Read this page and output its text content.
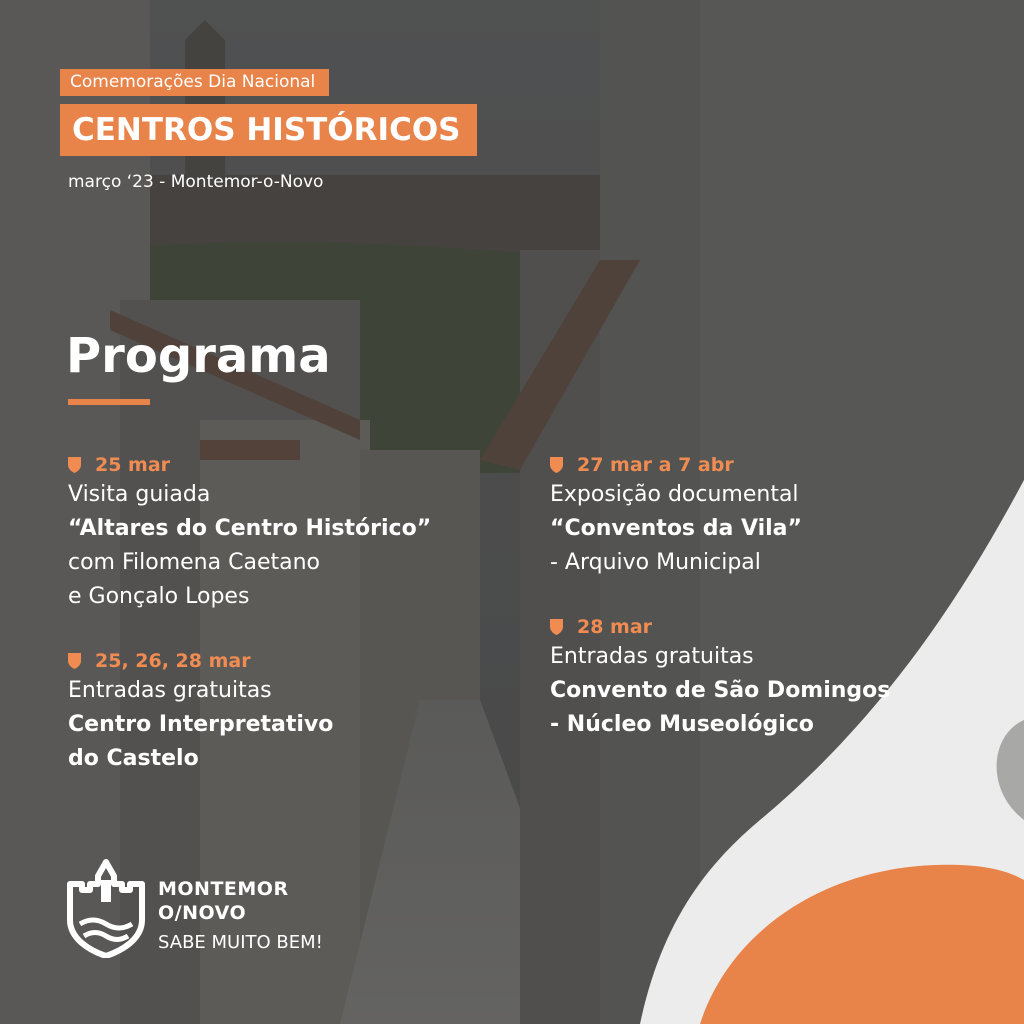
Comemorações Dia Nacional
CENTROS HISTÓRICOS
março ‘23 - Montemor-o-Novo
Programa
25 mar
Visita guiada
“Altares do Centro Histórico”
com Filomena Caetano
e Gonçalo Lopes
25, 26, 28 mar
Entradas gratuitas
Centro Interpretativo
do Castelo
27 mar a 7 abr
Exposição documental
“Conventos da Vila”
- Arquivo Municipal
28 mar
Entradas gratuitas
Convento de São Domingos
- Núcleo Museológico
MONTEMOR
O/NOVO
SABE MUITO BEM!
